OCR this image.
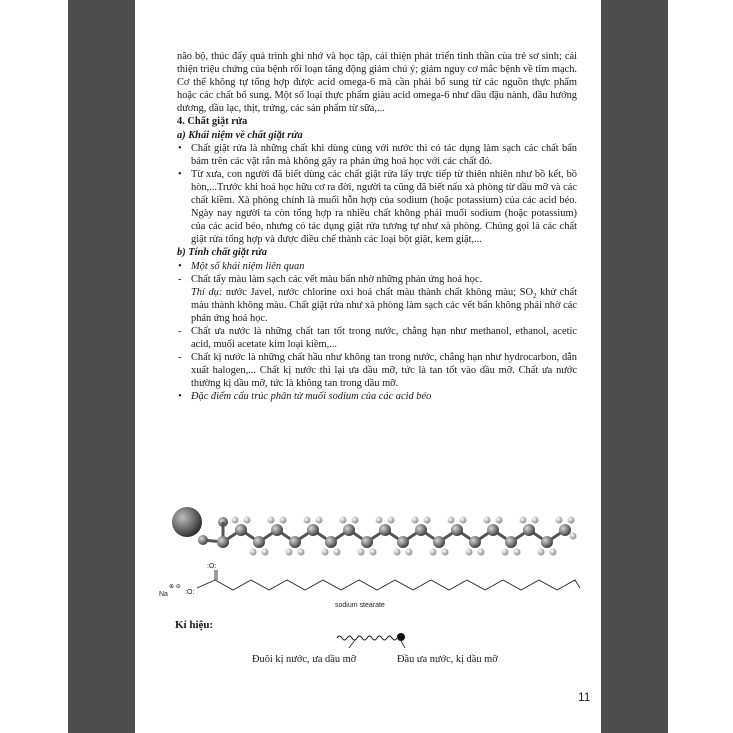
não bộ, thúc đẩy quá trình ghi nhớ và học tập, cải thiện phát triển tinh thần của trẻ sơ sinh; cải thiện triệu chứng của bệnh rối loạn tăng động giảm chú ý; giảm nguy cơ mắc bệnh về tim mạch. Cơ thể không tự tổng hợp được acid omega-6 mà cần phải bổ sung từ các nguồn thực phẩm hoặc các chất bổ sung. Một số loại thực phẩm giàu acid omega-6 như dầu đậu nành, dầu hướng dương, dầu lạc, thịt, trứng, các sản phẩm từ sữa,...

4. Chất giặt rửa

a) Khái niệm về chất giặt rửa

• Chất giặt rửa là những chất khi dùng cùng với nước thì có tác dụng làm sạch các chất bẩn bám trên các vật rắn mà không gây ra phản ứng hoá học với các chất đó.

• Từ xưa, con người đã biết dùng các chất giặt rửa lấy trực tiếp từ thiên nhiên như bồ kết, bồ hòn,...Trước khi hoá học hữu cơ ra đời, người ta cũng đã biết nấu xà phòng từ dầu mỡ và các chất kiềm. Xà phòng chính là muối hỗn hợp của sodium (hoặc potassium) của các acid béo. Ngày nay người ta còn tổng hợp ra nhiều chất không phải muối sodium (hoặc potassium) của các acid béo, nhưng có tác dụng giặt rửa tương tự như xà phòng. Chúng gọi là các chất giặt rửa tổng hợp và được điều chế thành các loại bột giặt, kem giặt,...

b) Tính chất giặt rửa

• Một số khái niệm liên quan

- Chất tẩy màu làm sạch các vết màu bẩn nhờ những phản ứng hoá học.

Thí dụ: nước Javel, nước chlorine oxi hoá chất màu thành chất không màu; $SO_2$ khử chất màu thành không màu. Chất giặt rửa như xà phòng làm sạch các vết bẩn không phải nhờ các phản ứng hoá học.

- Chất ưa nước là những chất tan tốt trong nước, chẳng hạn như methanol, ethanol, acetic acid, muối acetate kim loại kiềm,...

- Chất kị nước là những chất hầu như không tan trong nước, chẳng hạn như hydrocarbon, dẫn xuất halogen,... Chất kị nước thì lại ưa dầu mỡ, tức là tan tốt vào dầu mỡ. Chất ưa nước thường kị dầu mỡ, tức là không tan trong dầu mỡ.

• Đặc điểm cấu trúc phân tử muối sodium của các acid béo

:O:
Na
⊕ ⊖
:O:
sodium stearate
Kí hiệu:
Đuôi kị nước, ưa dầu mỡ	Đầu ưa nước, kị dầu mỡ
11
